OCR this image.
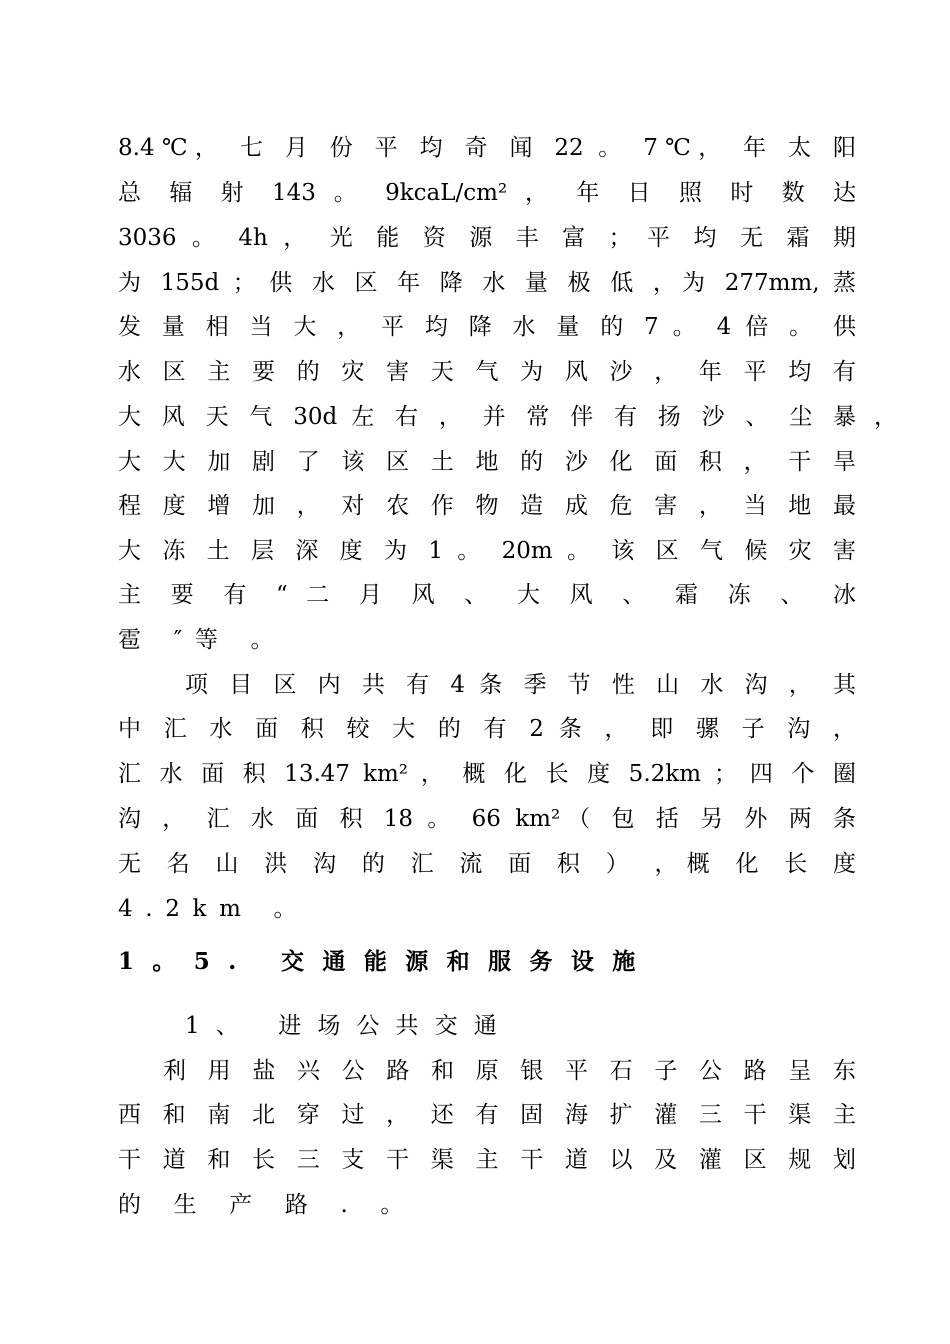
8.4℃， 七 月 份 平 均 奇 闻 22 。 7℃， 年 太 阳
总 辐 射 143 。 9kcaL/cm² ， 年 日 照 时 数 达
3036 。 4h ， 光 能 资 源 丰 富 ； 平 均 无 霜 期
为 155d ； 供 水 区 年 降 水 量 极 低 ，为 277mm, 蒸
发 量 相 当 大 ， 平 均 降 水 量 的 7 。 4 倍 。 供
水 区 主 要 的 灾 害 天 气 为 风 沙 ， 年 平 均 有
大 风 天 气 30d 左 右 ， 并 常 伴 有 扬 沙 、 尘 暴 ，
大 大 加 剧 了 该 区 土 地 的 沙 化 面 积 ， 干 旱
程 度 增 加 ， 对 农 作 物 造 成 危 害 ， 当 地 最
大 冻 土 层 深 度 为 1 。 20m 。 该 区 气 候 灾 害
主 要 有 “ 二 月 风 、 大 风 、 霜 冻 、 冰
雹 ″等 。
项 目 区 内 共 有 4 条 季 节 性 山 水 沟 ， 其
中 汇 水 面 积 较 大 的 有 2 条 ， 即 骡 子 沟 ，
汇 水 面 积 13.47 km² ， 概 化 长 度 5.2km ； 四 个 圈
沟 ， 汇 水 面 积 18 。 66 km²（ 包 括 另 外 两 条
无 名 山 洪 沟 的 汇 流 面 积 ） ，概 化 长 度
4.2km 。
1。5. 交通能源和服务设施
1、 进场公共交通
利 用 盐 兴 公 路 和 原 银 平 石 子 公 路 呈 东
西 和 南 北 穿 过 ， 还 有 固 海 扩 灌 三 干 渠 主
干 道 和 长 三 支 干 渠 主 干 道 以 及 灌 区 规 划
的 生 产 路 . 。
